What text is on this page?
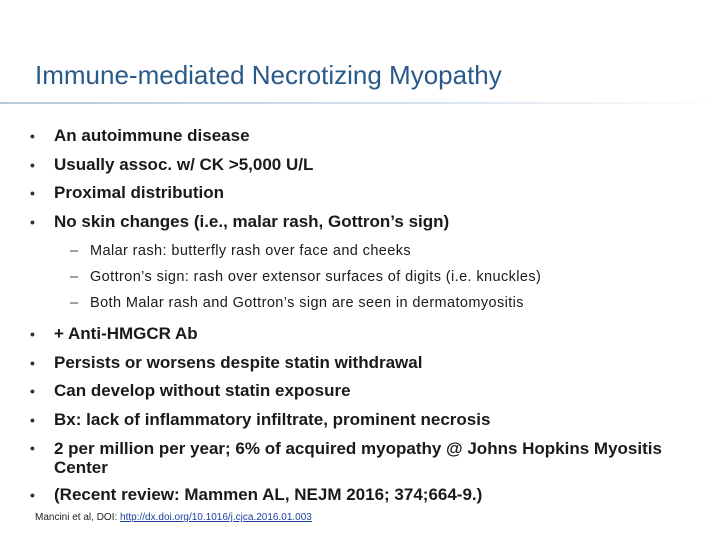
Immune-mediated Necrotizing Myopathy
• An autoimmune disease
• Usually assoc. w/ CK >5,000 U/L
• Proximal distribution
• No skin changes (i.e., malar rash, Gottron’s sign)
– Malar rash: butterfly rash over face and cheeks
– Gottron’s sign: rash over extensor surfaces of digits (i.e. knuckles)
– Both Malar rash and Gottron’s sign are seen in dermatomyositis
• + Anti-HMGCR Ab
• Persists or worsens despite statin withdrawal
• Can develop without statin exposure
• Bx: lack of inflammatory infiltrate, prominent necrosis
• 2 per million per year; 6% of acquired myopathy @ Johns Hopkins Myositis Center
• (Recent review: Mammen AL, NEJM 2016; 374;664-9.)
Mancini et al, DOI: http://dx.doi.org/10.1016/j.cjca.2016.01.003
